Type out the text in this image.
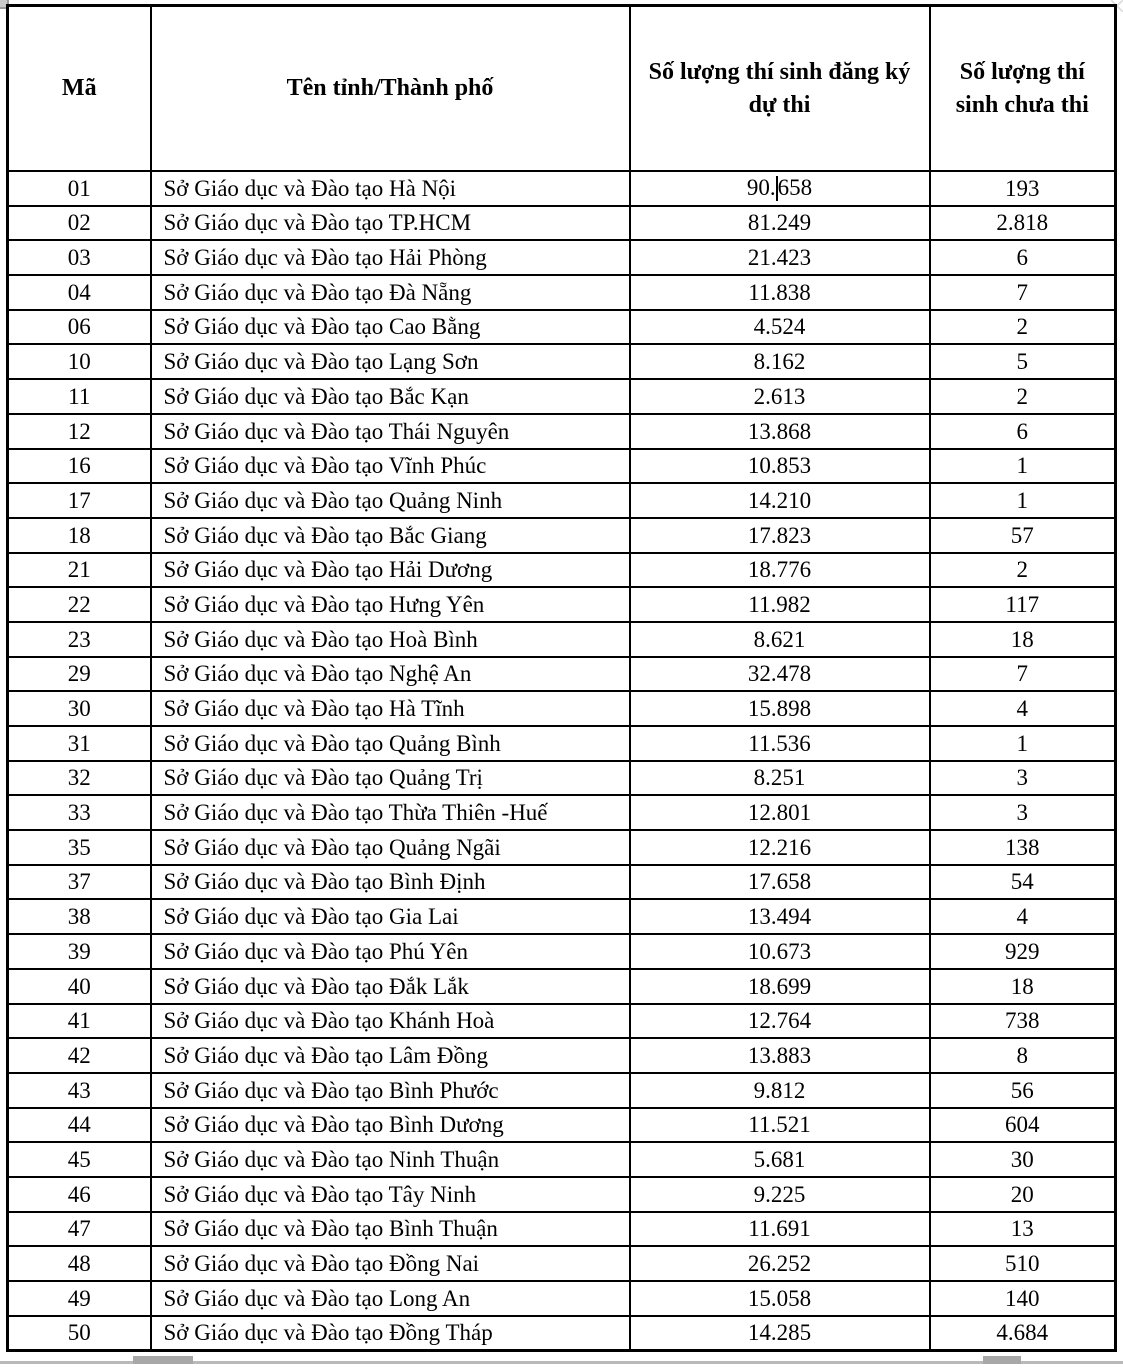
Mã	Tên tỉnh/Thành phố	Số lượng thí sinh đăng ký dự thi	Số lượng thí sinh chưa thi
01	Sở Giáo dục và Đào tạo Hà Nội	90.658	193
02	Sở Giáo dục và Đào tạo TP.HCM	81.249	2.818
03	Sở Giáo dục và Đào tạo Hải Phòng	21.423	6
04	Sở Giáo dục và Đào tạo Đà Nẵng	11.838	7
06	Sở Giáo dục và Đào tạo Cao Bằng	4.524	2
10	Sở Giáo dục và Đào tạo Lạng Sơn	8.162	5
11	Sở Giáo dục và Đào tạo Bắc Kạn	2.613	2
12	Sở Giáo dục và Đào tạo Thái Nguyên	13.868	6
16	Sở Giáo dục và Đào tạo Vĩnh Phúc	10.853	1
17	Sở Giáo dục và Đào tạo Quảng Ninh	14.210	1
18	Sở Giáo dục và Đào tạo Bắc Giang	17.823	57
21	Sở Giáo dục và Đào tạo Hải Dương	18.776	2
22	Sở Giáo dục và Đào tạo Hưng Yên	11.982	117
23	Sở Giáo dục và Đào tạo Hoà Bình	8.621	18
29	Sở Giáo dục và Đào tạo Nghệ An	32.478	7
30	Sở Giáo dục và Đào tạo Hà Tĩnh	15.898	4
31	Sở Giáo dục và Đào tạo Quảng Bình	11.536	1
32	Sở Giáo dục và Đào tạo Quảng Trị	8.251	3
33	Sở Giáo dục và Đào tạo Thừa Thiên -Huế	12.801	3
35	Sở Giáo dục và Đào tạo Quảng Ngãi	12.216	138
37	Sở Giáo dục và Đào tạo Bình Định	17.658	54
38	Sở Giáo dục và Đào tạo Gia Lai	13.494	4
39	Sở Giáo dục và Đào tạo Phú Yên	10.673	929
40	Sở Giáo dục và Đào tạo Đắk Lắk	18.699	18
41	Sở Giáo dục và Đào tạo Khánh Hoà	12.764	738
42	Sở Giáo dục và Đào tạo Lâm Đồng	13.883	8
43	Sở Giáo dục và Đào tạo Bình Phước	9.812	56
44	Sở Giáo dục và Đào tạo Bình Dương	11.521	604
45	Sở Giáo dục và Đào tạo Ninh Thuận	5.681	30
46	Sở Giáo dục và Đào tạo Tây Ninh	9.225	20
47	Sở Giáo dục và Đào tạo Bình Thuận	11.691	13
48	Sở Giáo dục và Đào tạo Đồng Nai	26.252	510
49	Sở Giáo dục và Đào tạo Long An	15.058	140
50	Sở Giáo dục và Đào tạo Đồng Tháp	14.285	4.684
